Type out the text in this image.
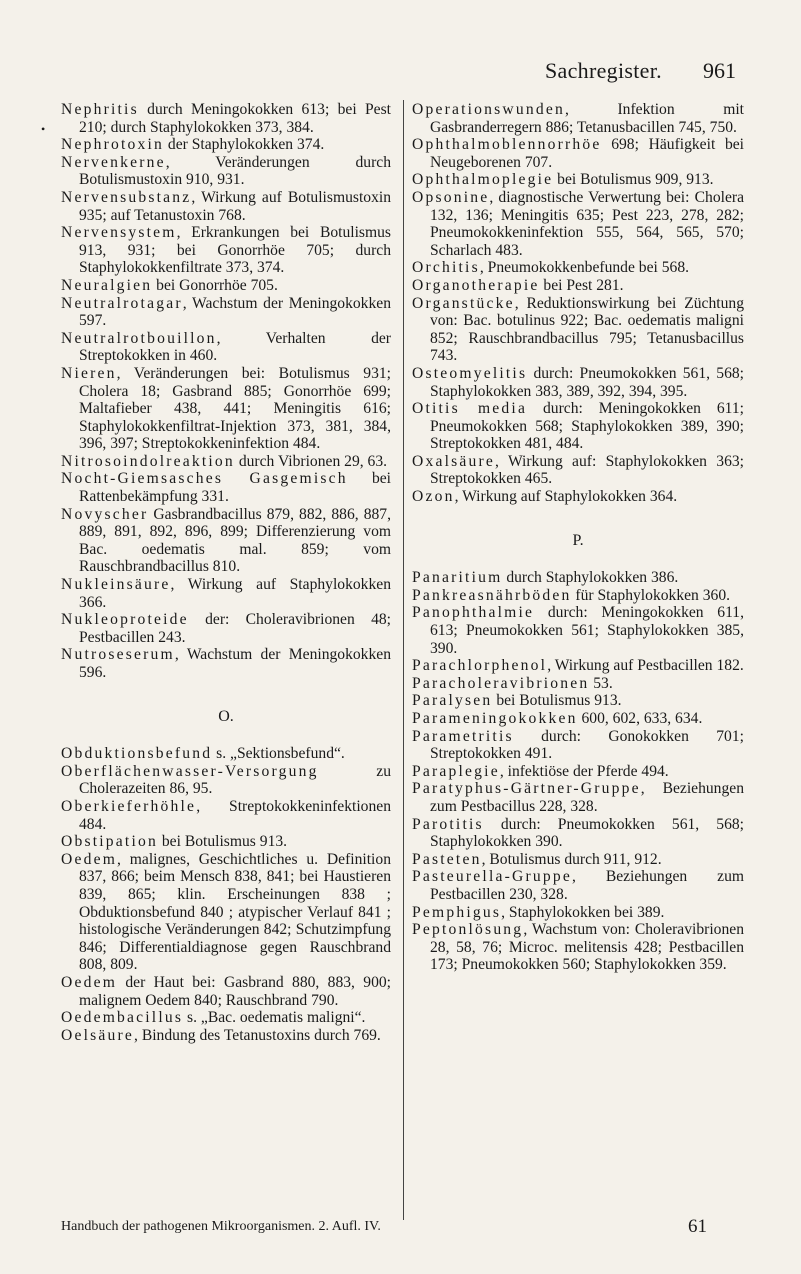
Sachregister. 961
•

Nephritis durch Meningokokken 613; bei Pest 210; durch Staphylokokken 373, 384.

Nephrotoxin der Staphylokokken 374.

Nervenkerne, Veränderungen durch Botulismustoxin 910, 931.

Nervensubstanz, Wirkung auf Botulismustoxin 935; auf Tetanustoxin 768.

Nervensystem, Erkrankungen bei Botulismus 913, 931; bei Gonorrhöe 705; durch Staphylokokkenfiltrate 373, 374.

Neuralgien bei Gonorrhöe 705.

Neutralrotagar, Wachstum der Meningokokken 597.

Neutralrotbouillon, Verhalten der Streptokokken in 460.

Nieren, Veränderungen bei: Botulismus 931; Cholera 18; Gasbrand 885; Gonorrhöe 699; Maltafieber 438, 441; Meningitis 616; Staphylokokkenfiltrat-Injektion 373, 381, 384, 396, 397; Streptokokkeninfektion 484.

Nitrosoindolreaktion durch Vibrionen 29, 63.

Nocht-Giemsasches Gasgemisch bei Rattenbekämpfung 331.

Novyscher Gasbrandbacillus 879, 882, 886, 887, 889, 891, 892, 896, 899; Differenzierung vom Bac. oedematis mal. 859; vom Rauschbrandbacillus 810.

Nukleinsäure, Wirkung auf Staphylokokken 366.

Nukleoproteide der: Choleravibrionen 48; Pestbacillen 243.

Nutroseserum, Wachstum der Meningokokken 596.

O.

Obduktionsbefund s. „Sektionsbefund“.

Oberflächenwasser-Versorgung zu Cholerazeiten 86, 95.

Oberkieferhöhle, Streptokokkeninfektionen 484.

Obstipation bei Botulismus 913.

Oedem, malignes, Geschichtliches u. Definition 837, 866; beim Mensch 838, 841; bei Haustieren 839, 865; klin. Erscheinungen 838 ; Obduktionsbefund 840 ; atypischer Verlauf 841 ; histologische Veränderungen 842; Schutzimpfung 846; Differentialdiagnose gegen Rauschbrand 808, 809.

Oedem der Haut bei: Gasbrand 880, 883, 900; malignem Oedem 840; Rauschbrand 790.

Oedembacillus s. „Bac. oedematis maligni“.

Oelsäure, Bindung des Tetanustoxins durch 769.

Operationswunden, Infektion mit Gasbranderregern 886; Tetanusbacillen 745, 750.

Ophthalmoblennorrhöe 698; Häufigkeit bei Neugeborenen 707.

Ophthalmoplegie bei Botulismus 909, 913.

Opsonine, diagnostische Verwertung bei: Cholera 132, 136; Meningitis 635; Pest 223, 278, 282; Pneumokokkeninfektion 555, 564, 565, 570; Scharlach 483.

Orchitis, Pneumokokkenbefunde bei 568.

Organotherapie bei Pest 281.

Organstücke, Reduktionswirkung bei Züchtung von: Bac. botulinus 922; Bac. oedematis maligni 852; Rauschbrandbacillus 795; Tetanusbacillus 743.

Osteomyelitis durch: Pneumokokken 561, 568; Staphylokokken 383, 389, 392, 394, 395.

Otitis media durch: Meningokokken 611; Pneumokokken 568; Staphylokokken 389, 390; Streptokokken 481, 484.

Oxalsäure, Wirkung auf: Staphylokokken 363; Streptokokken 465.

Ozon, Wirkung auf Staphylokokken 364.

P.

Panaritium durch Staphylokokken 386.

Pankreasnährböden für Staphylokokken 360.

Panophthalmie durch: Meningokokken 611, 613; Pneumokokken 561; Staphylokokken 385, 390.

Parachlorphenol, Wirkung auf Pestbacillen 182.

Paracholeravibrionen 53.

Paralysen bei Botulismus 913.

Parameningokokken 600, 602, 633, 634.

Parametritis durch: Gonokokken 701; Streptokokken 491.

Paraplegie, infektiöse der Pferde 494.

Paratyphus-Gärtner-Gruppe, Beziehungen zum Pestbacillus 228, 328.

Parotitis durch: Pneumokokken 561, 568; Staphylokokken 390.

Pasteten, Botulismus durch 911, 912.

Pasteurella-Gruppe, Beziehungen zum Pestbacillen 230, 328.

Pemphigus, Staphylokokken bei 389.

Peptonlösung, Wachstum von: Choleravibrionen 28, 58, 76; Microc. melitensis 428; Pestbacillen 173; Pneumokokken 560; Staphylokokken 359.

Handbuch der pathogenen Mikroorganismen. 2. Aufl. IV.	61
